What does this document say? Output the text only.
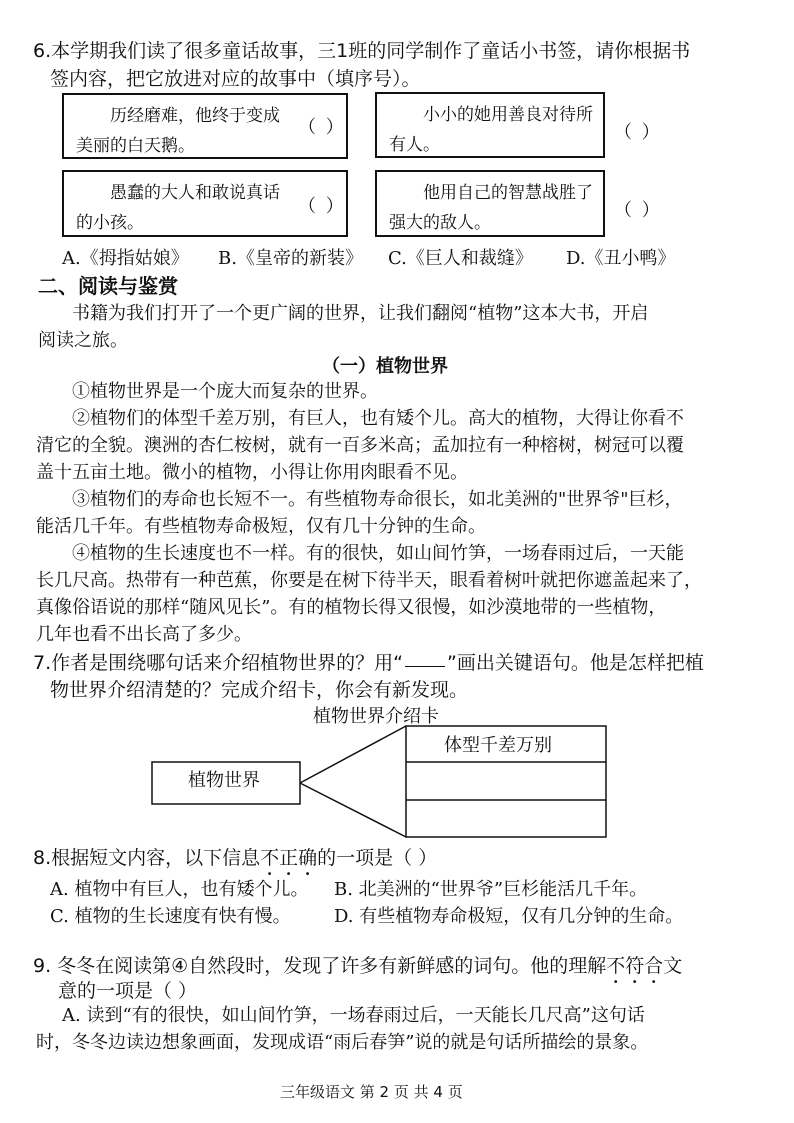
6.本学期我们读了很多童话故事，三1班的同学制作了童话小书签，请你根据书
签内容，把它放进对应的故事中（填序号）。
历经磨难，他终于变成美丽的白天鹅。
（ ）
小小的她用善良对待所有人。
（ ）
愚蠢的大人和敢说真话的小孩。
（ ）
他用自己的智慧战胜了强大的敌人。
（ ）
A.《拇指姑娘》 B.《皇帝的新装》 C.《巨人和裁缝》 D.《丑小鸭》
二、阅读与鉴赏
书籍为我们打开了一个更广阔的世界，让我们翻阅“植物”这本大书，开启
阅读之旅。
（一）植物世界
①植物世界是一个庞大而复杂的世界。
②植物们的体型千差万别，有巨人，也有矮个儿。高大的植物，大得让你看不
清它的全貌。澳洲的杏仁桉树，就有一百多米高；孟加拉有一种榕树，树冠可以覆
盖十五亩土地。微小的植物，小得让你用肉眼看不见。
③植物们的寿命也长短不一。有些植物寿命很长，如北美洲的"世界爷"巨杉，
能活几千年。有些植物寿命极短，仅有几十分钟的生命。
④植物的生长速度也不一样。有的很快，如山间竹笋，一场春雨过后，一天能
长几尺高。热带有一种芭蕉，你要是在树下待半天，眼看着树叶就把你遮盖起来了，
真像俗语说的那样“随风见长”。有的植物长得又很慢，如沙漠地带的一些植物，
几年也看不出长高了多少。
7.作者是围绕哪句话来介绍植物世界的？用“ ”画出关键语句。他是怎样把植
物世界介绍清楚的？完成介绍卡，你会有新发现。
植物世界介绍卡
植物世界
体型千差万别
8.根据短文内容，以下信息不正确的一项是（ ）
A. 植物中有巨人，也有矮个儿。 B. 北美洲的“世界爷”巨杉能活几千年。
C. 植物的生长速度有快有慢。 D. 有些植物寿命极短，仅有几分钟的生命。
9. 冬冬在阅读第④自然段时，发现了许多有新鲜感的词句。他的理解不符合文
意的一项是（ ）
A. 读到“有的很快，如山间竹笋，一场春雨过后，一天能长几尺高”这句话
时，冬冬边读边想象画面，发现成语“雨后春笋”说的就是句话所描绘的景象。
三年级语文 第 2 页 共 4 页
